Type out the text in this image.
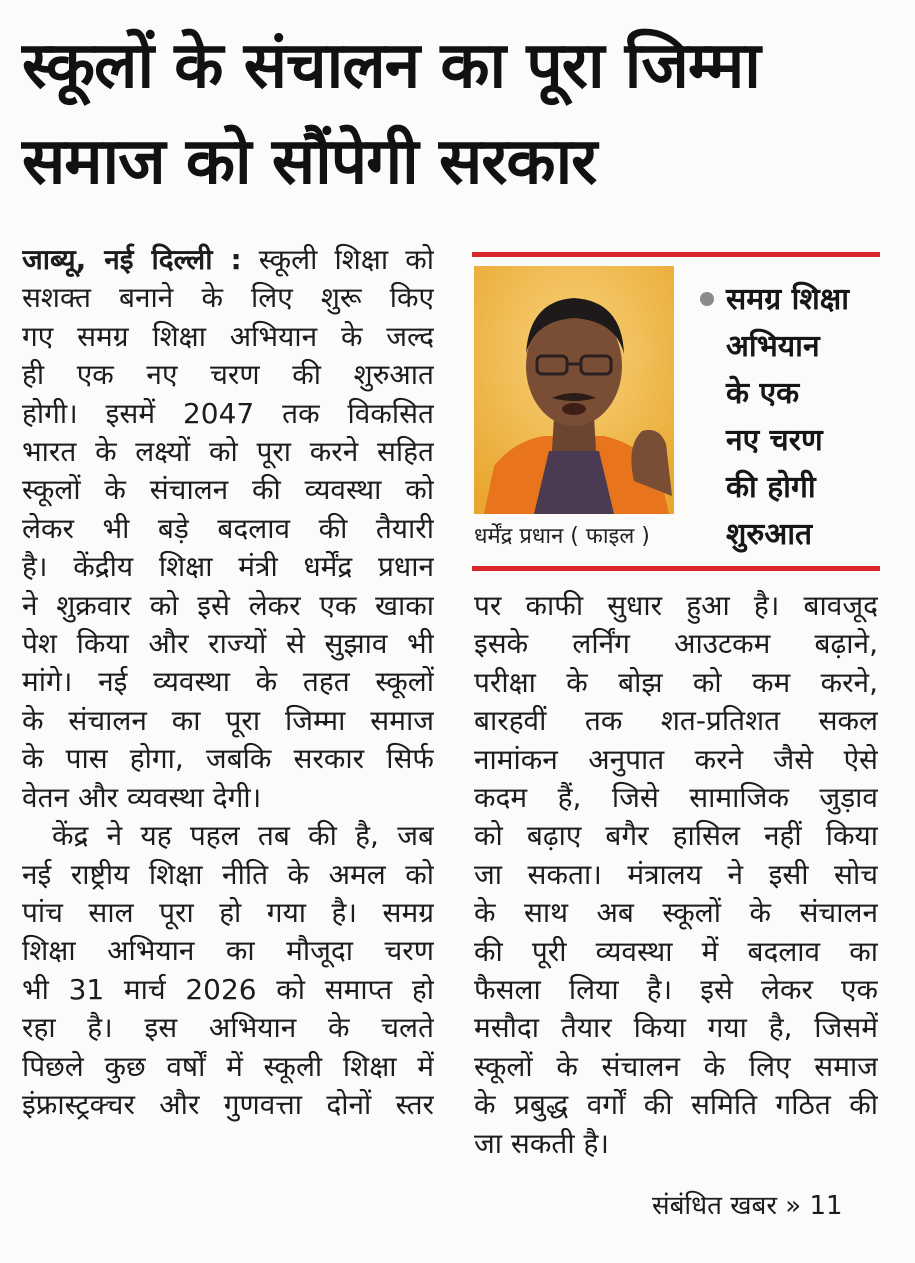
स्कूलों के संचालन का पूरा जिम्मा
समाज को सौंपेगी सरकार

जाब्यू, नई दिल्ली : स्कूली शिक्षा को

सशक्त बनाने के लिए शुरू किए

गए समग्र शिक्षा अभियान के जल्द

ही एक नए चरण की शुरुआत

होगी। इसमें 2047 तक विकसित

भारत के लक्ष्यों को पूरा करने सहित

स्कूलों के संचालन की व्यवस्था को

लेकर भी बड़े बदलाव की तैयारी

है। केंद्रीय शिक्षा मंत्री धर्मेंद्र प्रधान

ने शुक्रवार को इसे लेकर एक खाका

पेश किया और राज्यों से सुझाव भी

मांगे। नई व्यवस्था के तहत स्कूलों

के संचालन का पूरा जिम्मा समाज

के पास होगा, जबकि सरकार सिर्फ

वेतन और व्यवस्था देगी।

केंद्र ने यह पहल तब की है, जब

नई राष्ट्रीय शिक्षा नीति के अमल को

पांच साल पूरा हो गया है। समग्र

शिक्षा अभियान का मौजूदा चरण

भी 31 मार्च 2026 को समाप्त हो

रहा है। इस अभियान के चलते

पिछले कुछ वर्षों में स्कूली शिक्षा में

इंफ्रास्ट्रक्चर और गुणवत्ता दोनों स्तर

धर्मेंद्र प्रधान ( फाइल )
समग्र शिक्षा
अभियान
के एक
नए चरण
की होगी
शुरुआत

पर काफी सुधार हुआ है। बावजूद

इसके लर्निंग आउटकम बढ़ाने,

परीक्षा के बोझ को कम करने,

बारहवीं तक शत-प्रतिशत सकल

नामांकन अनुपात करने जैसे ऐसे

कदम हैं, जिसे सामाजिक जुड़ाव

को बढ़ाए बगैर हासिल नहीं किया

जा सकता। मंत्रालय ने इसी सोच

के साथ अब स्कूलों के संचालन

की पूरी व्यवस्था में बदलाव का

फैसला लिया है। इसे लेकर एक

मसौदा तैयार किया गया है, जिसमें

स्कूलों के संचालन के लिए समाज

के प्रबुद्ध वर्गों की समिति गठित की

जा सकती है।

संबंधित खबर » 11
